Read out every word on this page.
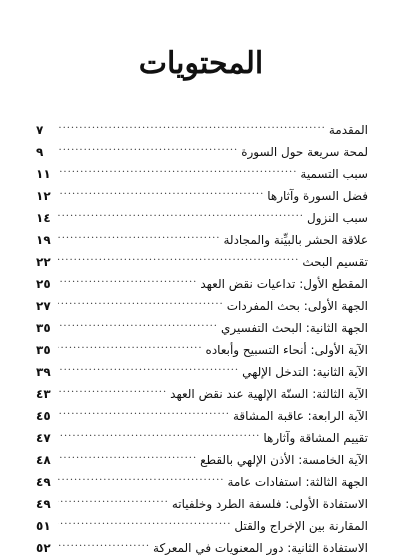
المحتويات
٧ .....	المقدمة
٩ .....	لمحة سريعة حول السورة
١١ .....	سبب التسمية
١٢ .....	فضل السورة وآثارها
١٤ .....	سبب النزول
١٩ .....	علاقة الحشر بالبيِّنة والمجادلة
٢٢ .....	تقسيم البحث
٢٥ .....	المقطع الأول: تداعيات نقض العهد
٢٧ .....	الجهة الأولى: بحث المفردات
٣٥ .....	الجهة الثانية: البحث التفسيري
٣٥ .....	الآية الأولى: أنحاء التسبيح وأبعاده
٣٩ .....	الآية الثانية: التدخل الإلهي
٤٣ .....	الآية الثالثة: السنّة الإلهية عند نقض العهد
٤٥ .....	الآية الرابعة: عاقبة المشاقة
٤٧ .....	تقييم المشاقة وآثارها
٤٨ .....	الآية الخامسة: الأذن الإلهي بالقطع
٤٩ .....	الجهة الثالثة: استفادات عامة
٤٩ .....	الاستفادة الأولى: فلسفة الطرد وخلفياته
٥١ .....	المقارنة بين الإخراج والقتل
٥٢ .....	الاستفادة الثانية: دور المعنويات في المعركة
